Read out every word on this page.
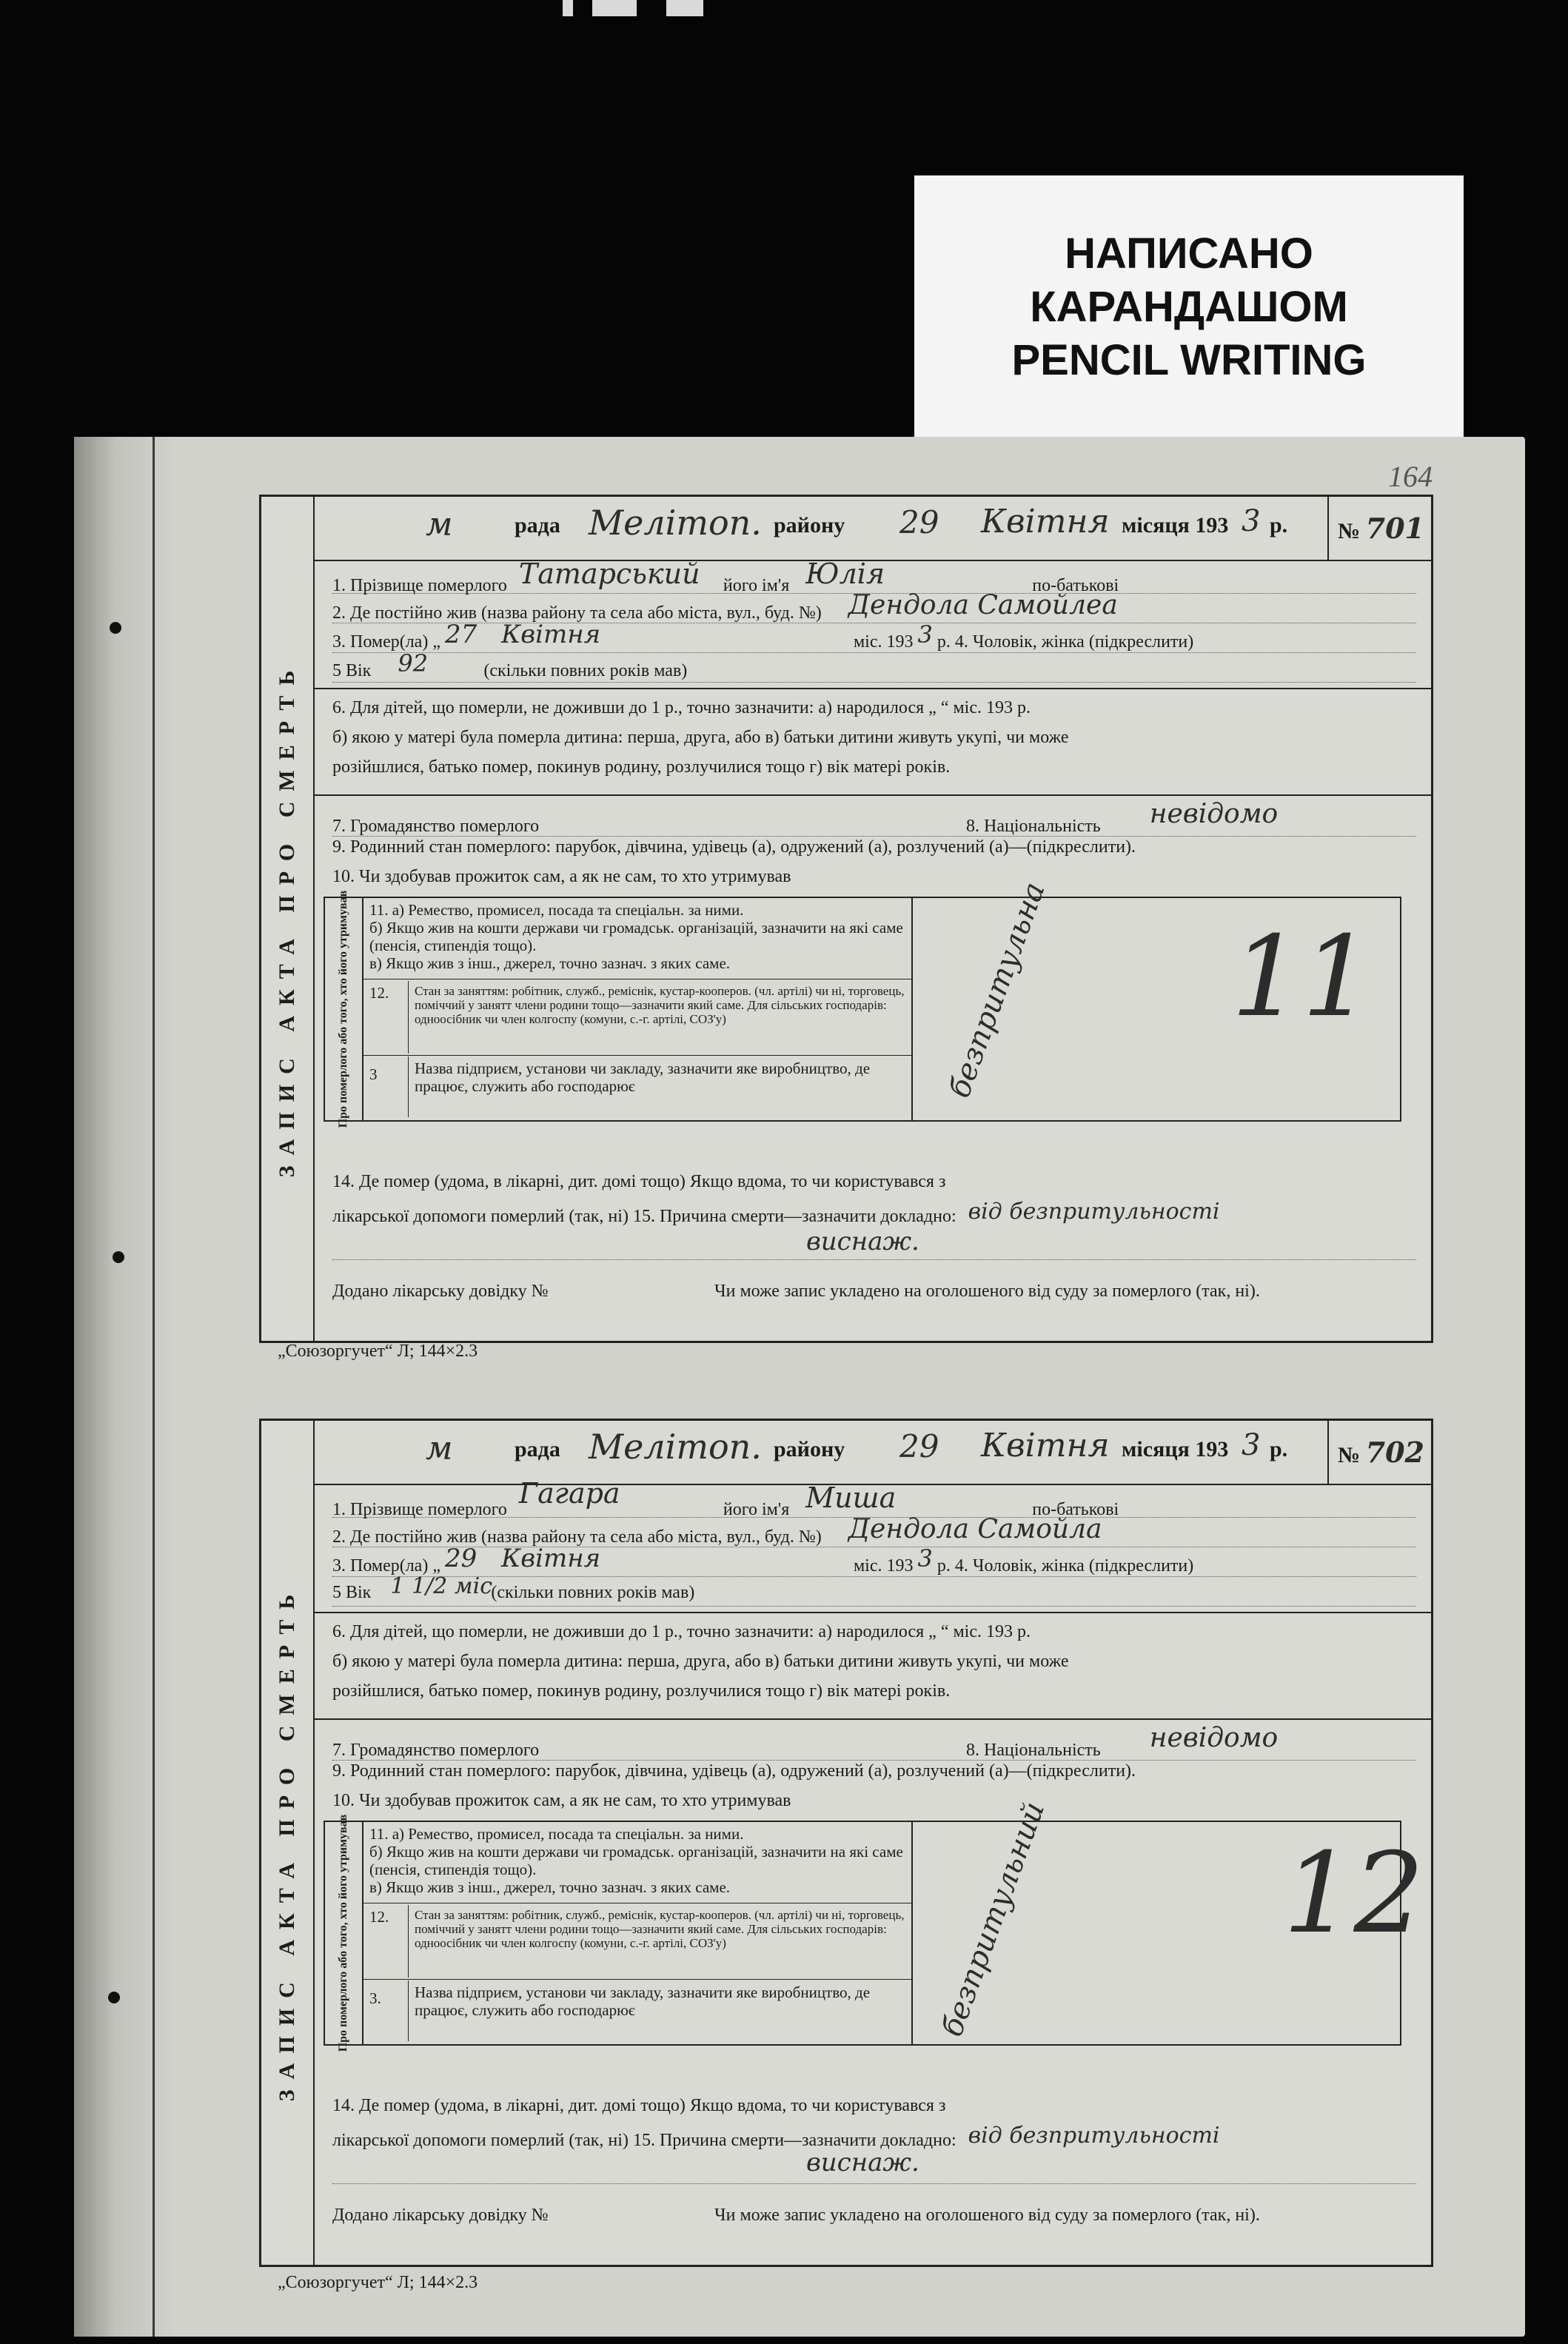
НАПИСАНО
КАРАНДАШОМ
PENCIL WRITING
164
ЗАПИС АКТА ПРО СМЕРТЬ
м	рада Мелітоп. району 29 Квітня місяця 193 3 р.	№ 701
1. Прізвище померлого Татарський його ім'я Юлія	по-батькові
2. Де постійно жив (назва району та села або міста, вул., буд. №) Дендола Самойлеа
3. Помер(ла) „ 27 Квітня	міс. 193 3 р. 4. Чоловік, жінка (підкреслити)
5 Вік 92	(скільки повних років мав)
6. Для дітей, що померли, не доживши до 1 р., точно зазначити: а) народилося „ “ міс. 193 р.
б) якою у матері була померла дитина: перша, друга, або в) батьки дитини живуть укупі, чи може
розійшлися, батько помер, покинув родину, розлучилися тощо г) вік матері років.
7. Громадянство померлого	8. Національність невідомо
9. Родинний стан померлого: парубок, дівчина, удівець (а), одружений (а), розлучений (а)—(підкреслити).
10. Чи здобував прожиток сам, а як не сам, то хто утримував
Про померлого або того, хто його утримував 11. а) Ремество, промисел, посада та спеціальн. за ними.
б) Якщо жив на кошти держави чи громадськ. організацій, зазначити на які саме (пенсія, стипендія тощо).
в) Якщо жив з інш., джерел, точно зазнач. з яких саме.
12.	Стан за заняттям: робітник, служб., реміснік, кустар-кооперов. (чл. артілі) чи ні, торговець, поміччий у занятт члени родини тощо—зазначити який саме. Для сільських господарів: одноосібник чи член колгоспу (комуни, с.-г. артілі, СОЗ'у)
3	Назва підприєм, установи чи закладу, зазначити яке виробництво, де працює, служить або господарює	безпритульна 11
14. Де помер (удома, в лікарні, дит. домі тощо) Якщо вдома, то чи користувався з
лікарської допомоги померлий (так, ні) 15. Причина смерти—зазначити докладно: від безпритульності
виснаж.
Додано лікарську довідку №	Чи може запис укладено на оголошеного від суду за померлого (так, ні).
„Союзоргучет“ Л; 144×2.3
ЗАПИС АКТА ПРО СМЕРТЬ
м	рада Мелітоп. району 29 Квітня місяця 193 3 р.	№ 702
1. Прізвище померлого Гагара	його ім'я Миша	по-батькові
2. Де постійно жив (назва району та села або міста, вул., буд. №) Дендола Самойла
3. Помер(ла) „ 29 Квітня	міс. 193 3 р. 4. Чоловік, жінка (підкреслити)
5 Вік 1 1/2 міс (скільки повних років мав)
6. Для дітей, що померли, не доживши до 1 р., точно зазначити: а) народилося „ “ міс. 193 р.
б) якою у матері була померла дитина: перша, друга, або в) батьки дитини живуть укупі, чи може
розійшлися, батько помер, покинув родину, розлучилися тощо г) вік матері років.
7. Громадянство померлого	8. Національність невідомо
9. Родинний стан померлого: парубок, дівчина, удівець (а), одружений (а), розлучений (а)—(підкреслити).
10. Чи здобував прожиток сам, а як не сам, то хто утримував
Про померлого або того, хто його утримував 11. а) Ремество, промисел, посада та спеціальн. за ними.
б) Якщо жив на кошти держави чи громадськ. організацій, зазначити на які саме (пенсія, стипендія тощо).
в) Якщо жив з інш., джерел, точно зазнач. з яких саме.
12.	Стан за заняттям: робітник, служб., реміснік, кустар-кооперов. (чл. артілі) чи ні, торговець, поміччий у занятт члени родини тощо—зазначити який саме. Для сільських господарів: одноосібник чи член колгоспу (комуни, с.-г. артілі, СОЗ'у)
3.	Назва підприєм, установи чи закладу, зазначити яке виробництво, де працює, служить або господарює	безпритульний 12
14. Де помер (удома, в лікарні, дит. домі тощо) Якщо вдома, то чи користувався з
лікарської допомоги померлий (так, ні) 15. Причина смерти—зазначити докладно: від безпритульності
виснаж.
Додано лікарську довідку №	Чи може запис укладено на оголошеного від суду за померлого (так, ні).
„Союзоргучет“ Л; 144×2.3
